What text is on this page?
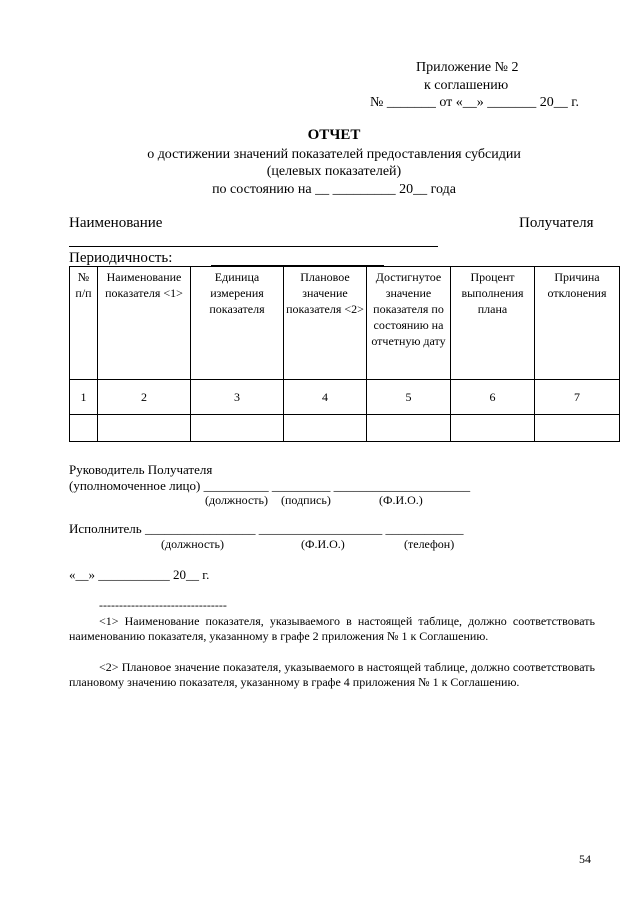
Приложение № 2
к соглашению
№ _______ от «__» _______ 20__ г.
ОТЧЕТ
о достижении значений показателей предоставления субсидии
(целевых показателей)
по состоянию на __ _________ 20__ года
Наименование	Получателя
Периодичность:
№ п/п	Наименование показателя <1>	Единица измерения показателя	Плановое значение показателя <2>	Достигнутое значение показателя по состоянию на отчетную дату	Процент выполнения плана	Причина отклонения
1	2	3	4	5	6	7

Руководитель Получателя
(уполномоченное лицо) __________ _________ _____________________
(должность) (подпись)	(Ф.И.О.)
Исполнитель _________________ ___________________ ____________
(должность)	(Ф.И.О.)	(телефон)
«__» ___________ 20__ г.
--------------------------------
<1> Наименование показателя, указываемого в настоящей таблице, должно соответствовать наименованию показателя, указанному в графе 2 приложения № 1 к Соглашению.
<2> Плановое значение показателя, указываемого в настоящей таблице, должно соответствовать плановому значению показателя, указанному в графе 4 приложения № 1 к Соглашению.
54
